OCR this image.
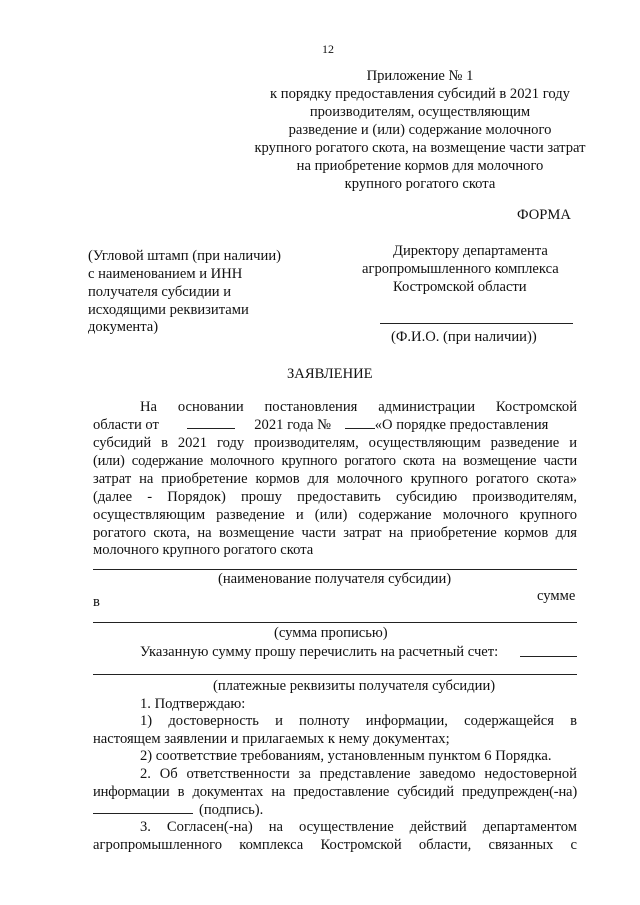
12
Приложение № 1
к порядку предоставления субсидий в 2021 году
производителям, осуществляющим
разведение и (или) содержание молочного
крупного рогатого скота, на возмещение части затрат
на приобретение кормов для молочного
крупного рогатого скота
ФОРМА
(Угловой штамп (при наличии)
с наименованием и ИНН
получателя субсидии и
исходящими реквизитами
документа)
Директору департамента
агропромышленного комплекса
Костромской области
(Ф.И.О. (при наличии))
ЗАЯВЛЕНИЕ
На основании постановления администрации Костромской
области от	2021 года №	«О порядке предоставления
субсидий в 2021 году производителям, осуществляющим разведение и
(или) содержание молочного крупного рогатого скота на возмещение части
затрат на приобретение кормов для молочного крупного рогатого скота»
(далее - Порядок) прошу предоставить субсидию производителям,
осуществляющим разведение и (или) содержание молочного крупного
рогатого скота, на возмещение части затрат на приобретение кормов для
молочного крупного рогатого скота
(наименование получателя субсидии)
в	сумме
(сумма прописью)
Указанную сумму прошу перечислить на расчетный счет:
(платежные реквизиты получателя субсидии)
1. Подтверждаю:
1) достоверность и полноту информации, содержащейся в
настоящем заявлении и прилагаемых к нему документах;
2) соответствие требованиям, установленным пунктом 6 Порядка.
2. Об ответственности за представление заведомо недостоверной
информации в документах на предоставление субсидий предупрежден(-на)
(подпись).
3. Согласен(-на) на осуществление действий департаментом
агропромышленного комплекса Костромской области, связанных с
